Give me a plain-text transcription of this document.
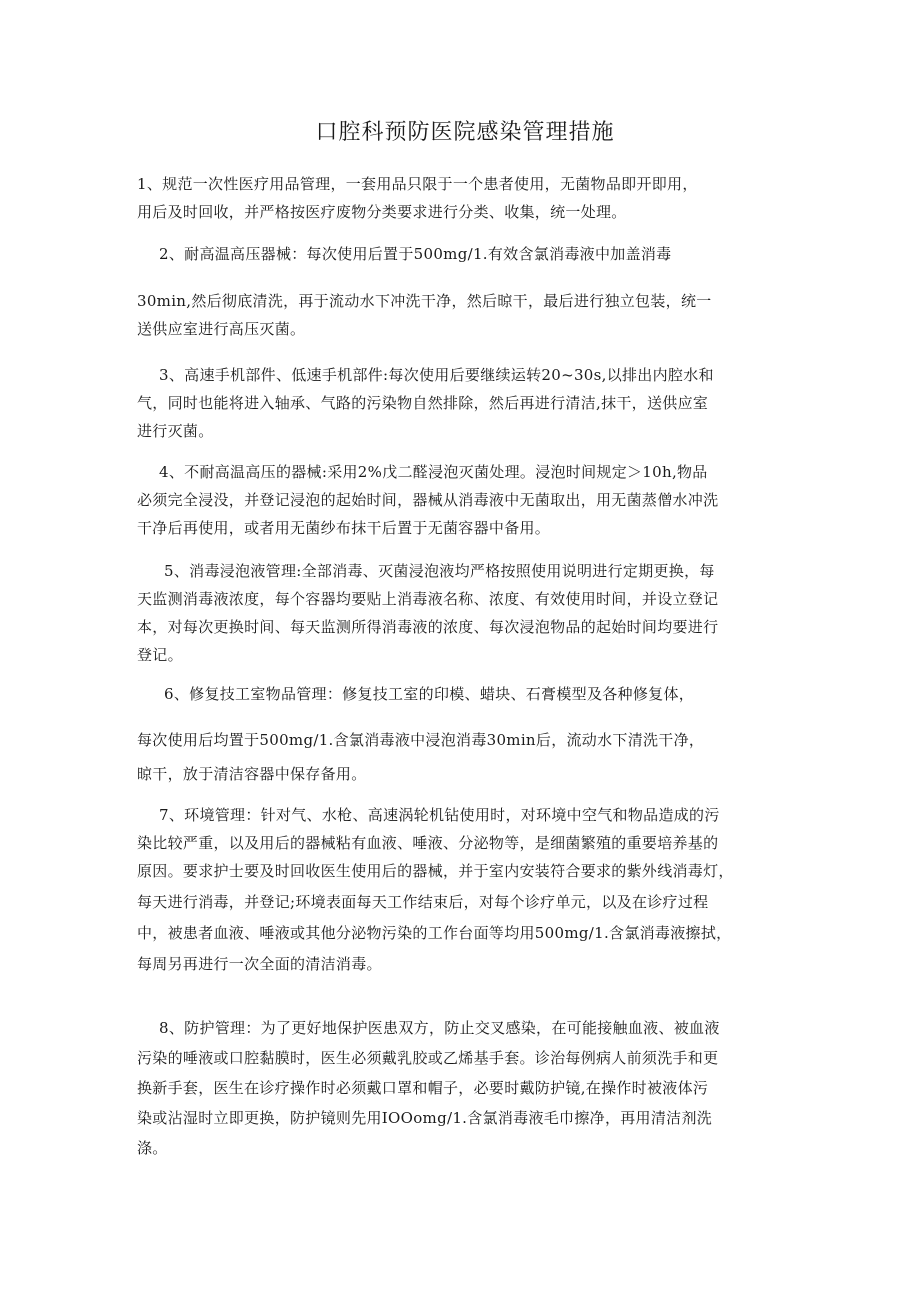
口腔科预防医院感染管理措施

1、规范一次性医疗用品管理，一套用品只限于一个患者使用，无菌物品即开即用，
用后及时回收，并严格按医疗废物分类要求进行分类、收集，统一处理。

2、耐高温高压器械：每次使用后置于500mg∕1.有效含氯消毒液中加盖消毒

30min,然后彻底清洗，再于流动水下冲洗干净，然后晾干，最后进行独立包装，统一
送供应室进行高压灭菌。

3、高速手机部件、低速手机部件:每次使用后要继续运转20~30s,以排出内腔水和
气，同时也能将进入轴承、气路的污染物自然排除，然后再进行清洁,抹干，送供应室
进行灭菌。

4、不耐高温高压的器械:采用2%戊二醛浸泡灭菌处理。浸泡时间规定＞10h,物品
必须完全浸没，并登记浸泡的起始时间，器械从消毒液中无菌取出，用无菌蒸僧水冲洗
干净后再使用，或者用无菌纱布抹干后置于无菌容器中备用。

5、消毒浸泡液管理:全部消毒、灭菌浸泡液均严格按照使用说明进行定期更换，每
天监测消毒液浓度，每个容器均要贴上消毒液名称、浓度、有效使用时间，并设立登记
本，对每次更换时间、每天监测所得消毒液的浓度、每次浸泡物品的起始时间均要进行
登记。

6、修复技工室物品管理：修复技工室的印模、蜡块、石膏模型及各种修复体，

每次使用后均置于500mg∕1.含氯消毒液中浸泡消毒30min后，流动水下清洗干净，
晾干，放于清洁容器中保存备用。

7、环境管理：针对气、水枪、高速涡轮机钻使用时，对环境中空气和物品造成的污
染比较严重，以及用后的器械粘有血液、唾液、分泌物等，是细菌繁殖的重要培养基的
原因。要求护士要及时回收医生使用后的器械，并于室内安装符合要求的紫外线消毒灯，
每天进行消毒，并登记;环境表面每天工作结束后，对每个诊疗单元，以及在诊疗过程
中，被患者血液、唾液或其他分泌物污染的工作台面等均用500mg∕1.含氯消毒液擦拭，
每周另再进行一次全面的清洁消毒。

8、防护管理：为了更好地保护医患双方，防止交叉感染，在可能接触血液、被血液
污染的唾液或口腔黏膜时，医生必须戴乳胶或乙烯基手套。诊治每例病人前须洗手和更
换新手套，医生在诊疗操作时必须戴口罩和帽子，必要时戴防护镜,在操作时被液体污
染或沾湿时立即更换，防护镜则先用IOOomg/1.含氯消毒液毛巾擦净，再用清洁剂洗
涤。
